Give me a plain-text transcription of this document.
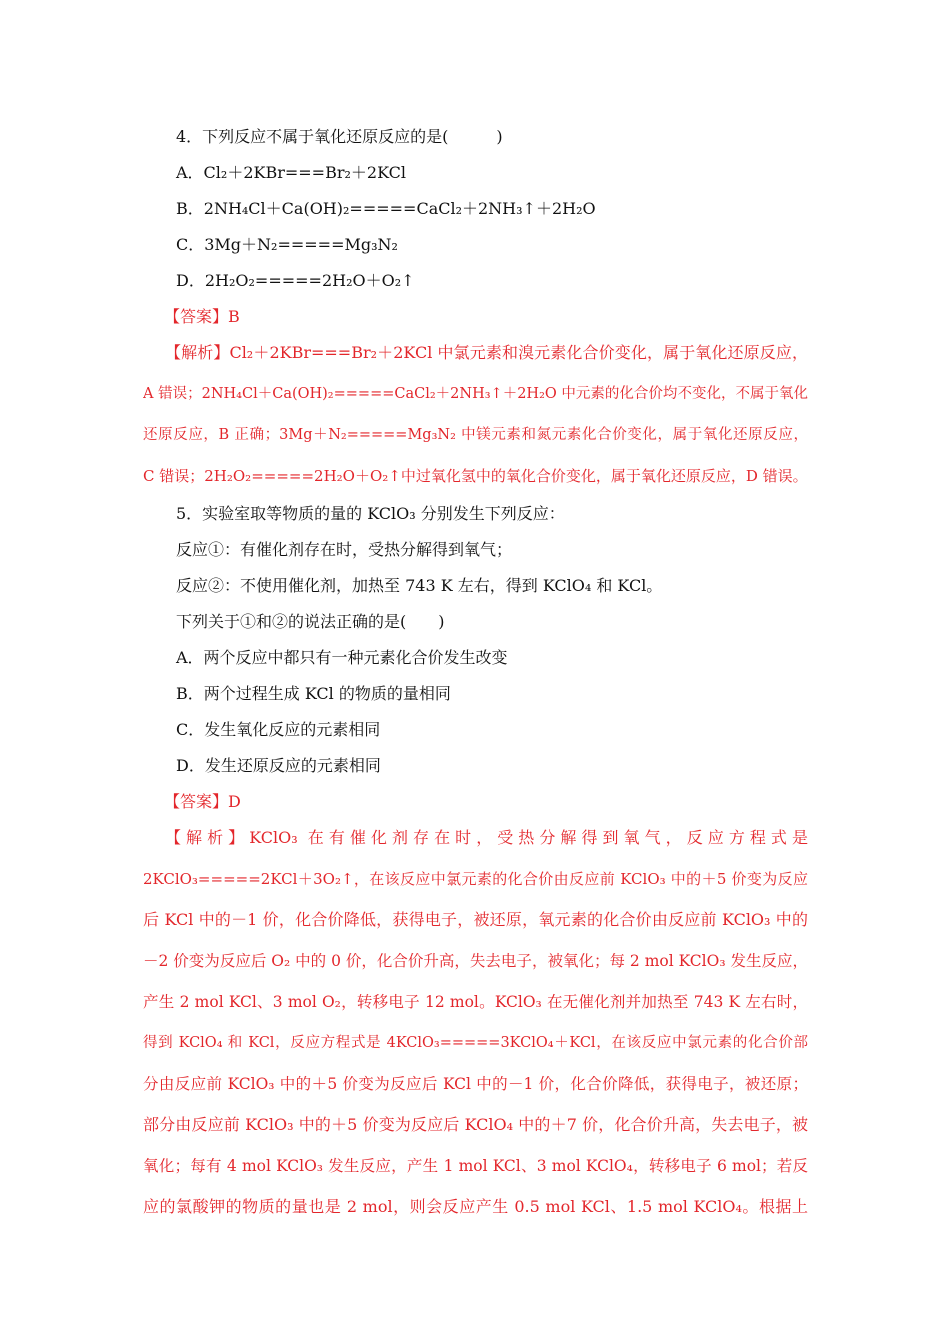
4．下列反应不属于氧化还原反应的是(　　　)

A．Cl₂＋2KBr===Br₂＋2KCl

B．2NH₄Cl＋Ca(OH)₂=====CaCl₂＋2NH₃↑＋2H₂O

C．3Mg＋N₂=====Mg₃N₂

D．2H₂O₂=====2H₂O＋O₂↑

【答案】B

【解析】Cl₂＋2KBr===Br₂＋2KCl 中氯元素和溴元素化合价变化，属于氧化还原反应，
A 错误；2NH₄Cl＋Ca(OH)₂=====CaCl₂＋2NH₃↑＋2H₂O 中元素的化合价均不变化，不属于氧化
还原反应，B 正确；3Mg＋N₂=====Mg₃N₂ 中镁元素和氮元素化合价变化，属于氧化还原反应，
C 错误；2H₂O₂=====2H₂O＋O₂↑中过氧化氢中的氧化合价变化，属于氧化还原反应，D 错误。

5．实验室取等物质的量的 KClO₃ 分别发生下列反应：

反应①：有催化剂存在时，受热分解得到氧气；

反应②：不使用催化剂，加热至 743 K 左右，得到 KClO₄ 和 KCl。

下列关于①和②的说法正确的是(　　)

A．两个反应中都只有一种元素化合价发生改变

B．两个过程生成 KCl 的物质的量相同

C．发生氧化反应的元素相同

D．发生还原反应的元素相同

【答案】D

【解析】KClO₃ 在有催化剂存在时，受热分解得到氧气，反应方程式是
2KClO₃=====2KCl＋3O₂↑，在该反应中氯元素的化合价由反应前 KClO₃ 中的＋5 价变为反应
后 KCl 中的－1 价，化合价降低，获得电子，被还原，氧元素的化合价由反应前 KClO₃ 中的
－2 价变为反应后 O₂ 中的 0 价，化合价升高，失去电子，被氧化；每 2 mol KClO₃ 发生反应，
产生 2 mol KCl、3 mol O₂，转移电子 12 mol。KClO₃ 在无催化剂并加热至 743 K 左右时，
得到 KClO₄ 和 KCl，反应方程式是 4KClO₃=====3KClO₄＋KCl，在该反应中氯元素的化合价部
分由反应前 KClO₃ 中的＋5 价变为反应后 KCl 中的－1 价，化合价降低，获得电子，被还原；
部分由反应前 KClO₃ 中的＋5 价变为反应后 KClO₄ 中的＋7 价，化合价升高，失去电子，被
氧化；每有 4 mol KClO₃ 发生反应，产生 1 mol KCl、3 mol KClO₄，转移电子 6 mol；若反
应的氯酸钾的物质的量也是 2 mol，则会反应产生 0.5 mol KCl、1.5 mol KClO₄。根据上
